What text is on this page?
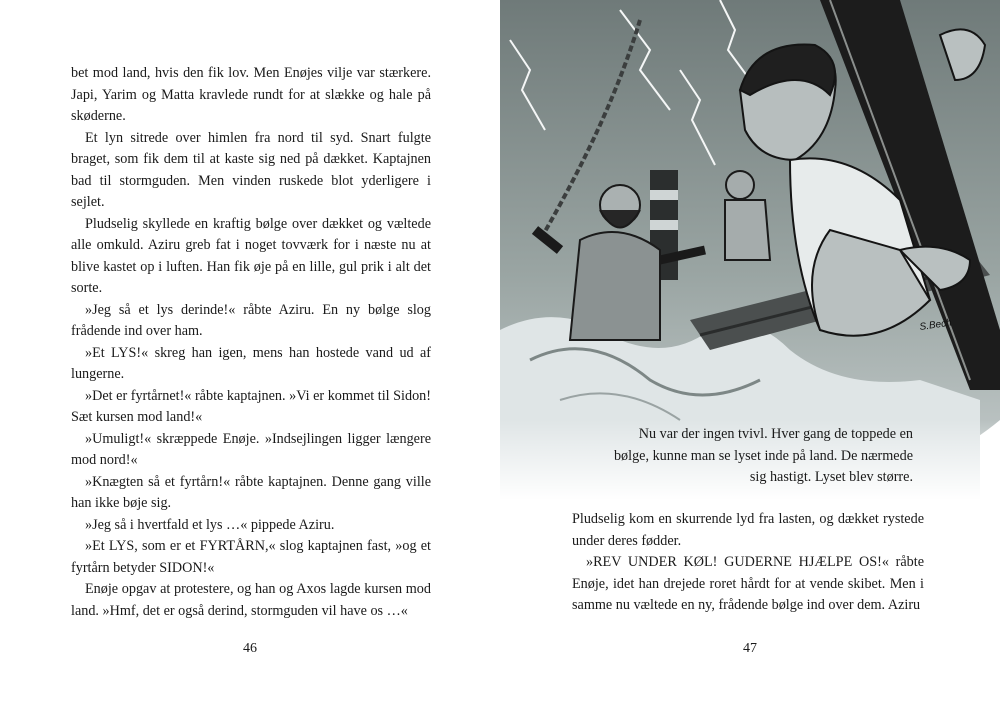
bet mod land, hvis den fik lov. Men Enøjes vilje var stærkere. Japi, Yarim og Matta kravlede rundt for at slække og hale på skøderne.

Et lyn sitrede over himlen fra nord til syd. Snart fulgte braget, som fik dem til at kaste sig ned på dækket. Kaptajnen bad til stormguden. Men vinden ruskede blot yderligere i sejlet.

Pludselig skyllede en kraftig bølge over dækket og væltede alle omkuld. Aziru greb fat i noget tovværk for i næste nu at blive kastet op i luften. Han fik øje på en lille, gul prik i alt det sorte.

»Jeg så et lys derinde!« råbte Aziru. En ny bølge slog frådende ind over ham.

»Et LYS!« skreg han igen, mens han hostede vand ud af lungerne.

»Det er fyrtårnet!« råbte kaptajnen. »Vi er kommet til Sidon! Sæt kursen mod land!«

»Umuligt!« skræppede Enøje. »Indsejlingen ligger længere mod nord!«

»Knægten så et fyrtårn!« råbte kaptajnen. Denne gang ville han ikke bøje sig.

»Jeg så i hvertfald et lys …« pippede Aziru.

»Et LYS, som er et FYRTÅRN,« slog kaptajnen fast, »og et fyrtårn betyder SIDON!«

Enøje opgav at protestere, og han og Axos lagde kursen mod land. »Hmf, det er også derind, stormguden vil have os …«

46
S.Bech
Nu var der ingen tvivl. Hver gang de toppede en bølge, kunne man se lyset inde på land. De nærmede sig hastigt. Lyset blev større.

Pludselig kom en skurrende lyd fra lasten, og dækket rystede under deres fødder.

»REV UNDER KØL! GUDERNE HJÆLPE OS!« råbte Enøje, idet han drejede roret hårdt for at vende skibet. Men i samme nu væltede en ny, frådende bølge ind over dem. Aziru

47
